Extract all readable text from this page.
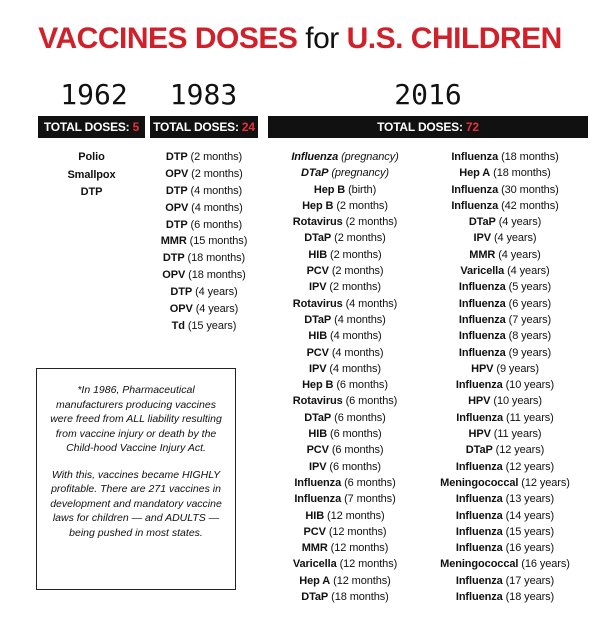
VACCINES DOSES for U.S. CHILDREN
1962
TOTAL DOSES: 5
Polio
Smallpox
DTP
1983
TOTAL DOSES: 24
DTP (2 months)
OPV (2 months)
DTP (4 months)
OPV (4 months)
DTP (6 months)
MMR (15 months)
DTP (18 months)
OPV (18 months)
DTP (4 years)
OPV (4 years)
Td (15 years)
2016
TOTAL DOSES: 72
Influenza (pregnancy)
DTaP (pregnancy)
Hep B (birth)
Hep B (2 months)
Rotavirus (2 months)
DTaP (2 months)
HIB (2 months)
PCV (2 months)
IPV (2 months)
Rotavirus (4 months)
DTaP (4 months)
HIB (4 months)
PCV (4 months)
IPV (4 months)
Hep B (6 months)
Rotavirus (6 months)
DTaP (6 months)
HIB (6 months)
PCV (6 months)
IPV (6 months)
Influenza (6 months)
Influenza (7 months)
HIB (12 months)
PCV (12 months)
MMR (12 months)
Varicella (12 months)
Hep A (12 months)
DTaP (18 months)
Influenza (18 months)
Hep A (18 months)
Influenza (30 months)
Influenza (42 months)
DTaP (4 years)
IPV (4 years)
MMR (4 years)
Varicella (4 years)
Influenza (5 years)
Influenza (6 years)
Influenza (7 years)
Influenza (8 years)
Influenza (9 years)
HPV (9 years)
Influenza (10 years)
HPV (10 years)
Influenza (11 years)
HPV (11 years)
DTaP (12 years)
Influenza (12 years)
Meningococcal (12 years)
Influenza (13 years)
Influenza (14 years)
Influenza (15 years)
Influenza (16 years)
Meningococcal (16 years)
Influenza (17 years)
Influenza (18 years)

*In 1986, Pharmaceutical manufacturers producing vaccines were freed from ALL liability resulting from vaccine injury or death by the Child-hood Vaccine Injury Act.

With this, vaccines became HIGHLY profitable. There are 271 vaccines in development and mandatory vaccine laws for children — and ADULTS — being pushed in most states.
